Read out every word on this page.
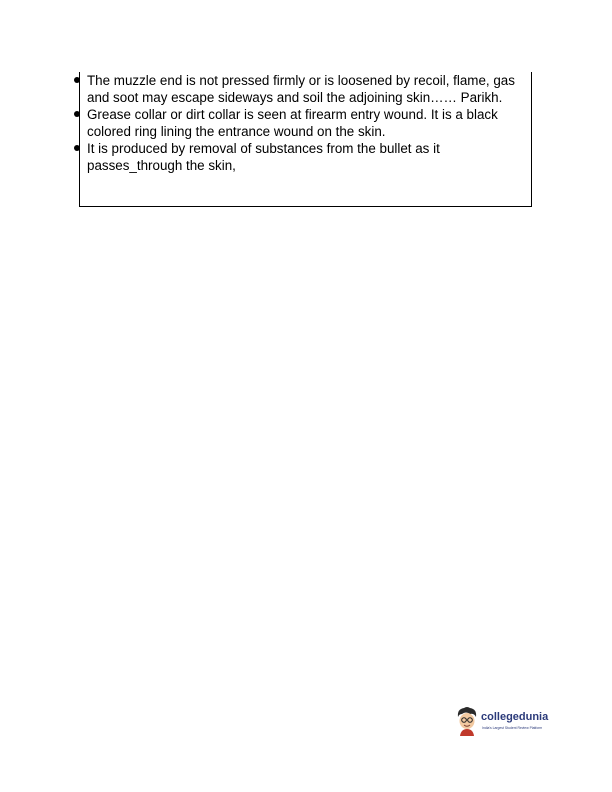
The muzzle end is not pressed firmly or is loosened by recoil, flame, gas and soot may escape sideways and soil the adjoining skin…… Parikh.
Grease collar or dirt collar is seen at firearm entry wound. It is a black colored ring lining the entrance wound on the skin.
It is produced by removal of substances from the bullet as it passes_through the skin,
collegedunia
India's Largest Student Review Platform
